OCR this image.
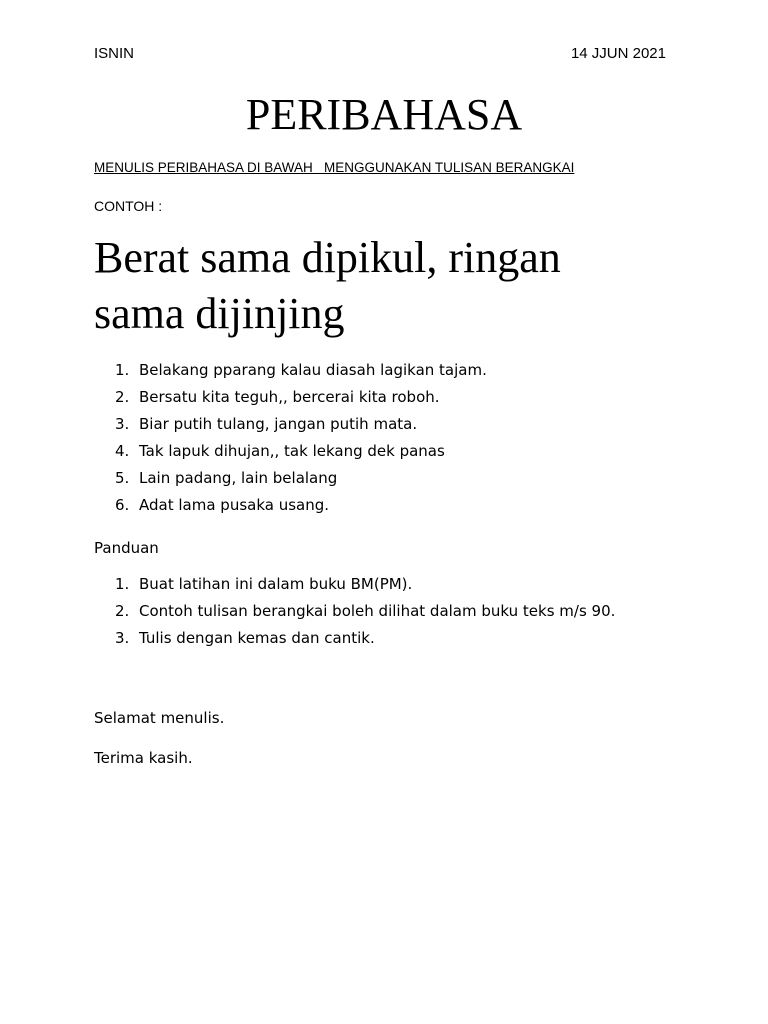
ISNIN	14 JJUN 2021
PERIBAHASA
MENULIS PERIBAHASA DI BAWAH   MENGGUNAKAN TULISAN BERANGKAI
CONTOH :
Berat sama dipikul, ringan sama dijinjing
1. Belakang pparang kalau diasah lagikan tajam.
2. Bersatu kita teguh,, bercerai kita roboh.
3. Biar putih tulang, jangan putih mata.
4. Tak lapuk dihujan,, tak lekang dek panas
5. Lain padang, lain belalang
6. Adat lama pusaka usang.
Panduan
1. Buat latihan ini dalam buku BM(PM).
2. Contoh tulisan berangkai boleh dilihat dalam buku teks m/s 90.
3. Tulis dengan kemas dan cantik.
Selamat menulis.
Terima kasih.
